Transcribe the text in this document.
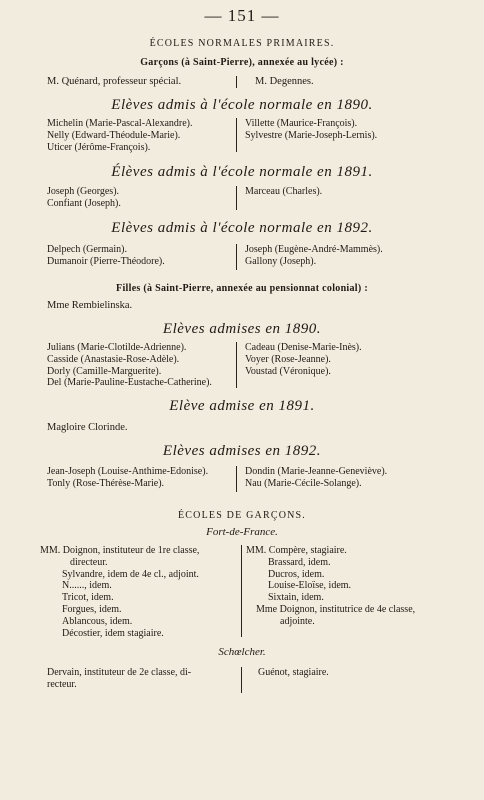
— 151 —
ÉCOLES NORMALES PRIMAIRES.
Garçons (à Saint-Pierre), annexée au lycée) :
M. Quénard, professeur spécial.	M. Degennes.
Elèves admis à l'école normale en 1890.
Michelin (Marie-Pascal-Alexandre).
Nelly (Edward-Théodule-Marie).
Uticer (Jérôme-François).
Villette (Maurice-François).
Sylvestre (Marie-Joseph-Lernis).
Élèves admis à l'école normale en 1891.
Joseph (Georges).
Confiant (Joseph).
Marceau (Charles).
Elèves admis à l'école normale en 1892.
Delpech (Germain).
Dumanoir (Pierre-Théodore).
Joseph (Eugène-André-Mammès).
Gallony (Joseph).
Filles (à Saint-Pierre, annexée au pensionnat colonial) :
Mme Rembielinska.
Elèves admises en 1890.
Julians (Marie-Clotilde-Adrienne).
Casside (Anastasie-Rose-Adèle).
Dorly (Camille-Marguerite).
Del (Marie-Pauline-Eustache-Catherine).
Cadeau (Denise-Marie-Inès).
Voyer (Rose-Jeanne).
Voustad (Véronique).
Elève admise en 1891.
Magloire Clorinde.
Elèves admises en 1892.
Jean-Joseph (Louise-Anthime-Edonise).
Tonly (Rose-Thérèse-Marie).
Dondin (Marie-Jeanne-Geneviève).
Nau (Marie-Cécile-Solange).
ÉCOLES DE GARÇONS.
Fort-de-France.
MM. Doignon, instituteur de 1re classe,
directeur.
Sylvandre, idem de 4e cl., adjoint.
N......, idem.
Tricot, idem.
Forgues, idem.
Ablancous, idem.
Décostier, idem stagiaire.
MM. Compère, stagiaire.
Brassard, idem.
Ducros, idem.
Louise-Eloïse, idem.
Sixtain, idem.
Mme Doignon, institutrice de 4e classe,
adjointe.
Schœlcher.
Dervain, instituteur de 2e classe, di-
recteur.
Guénot, stagiaire.
